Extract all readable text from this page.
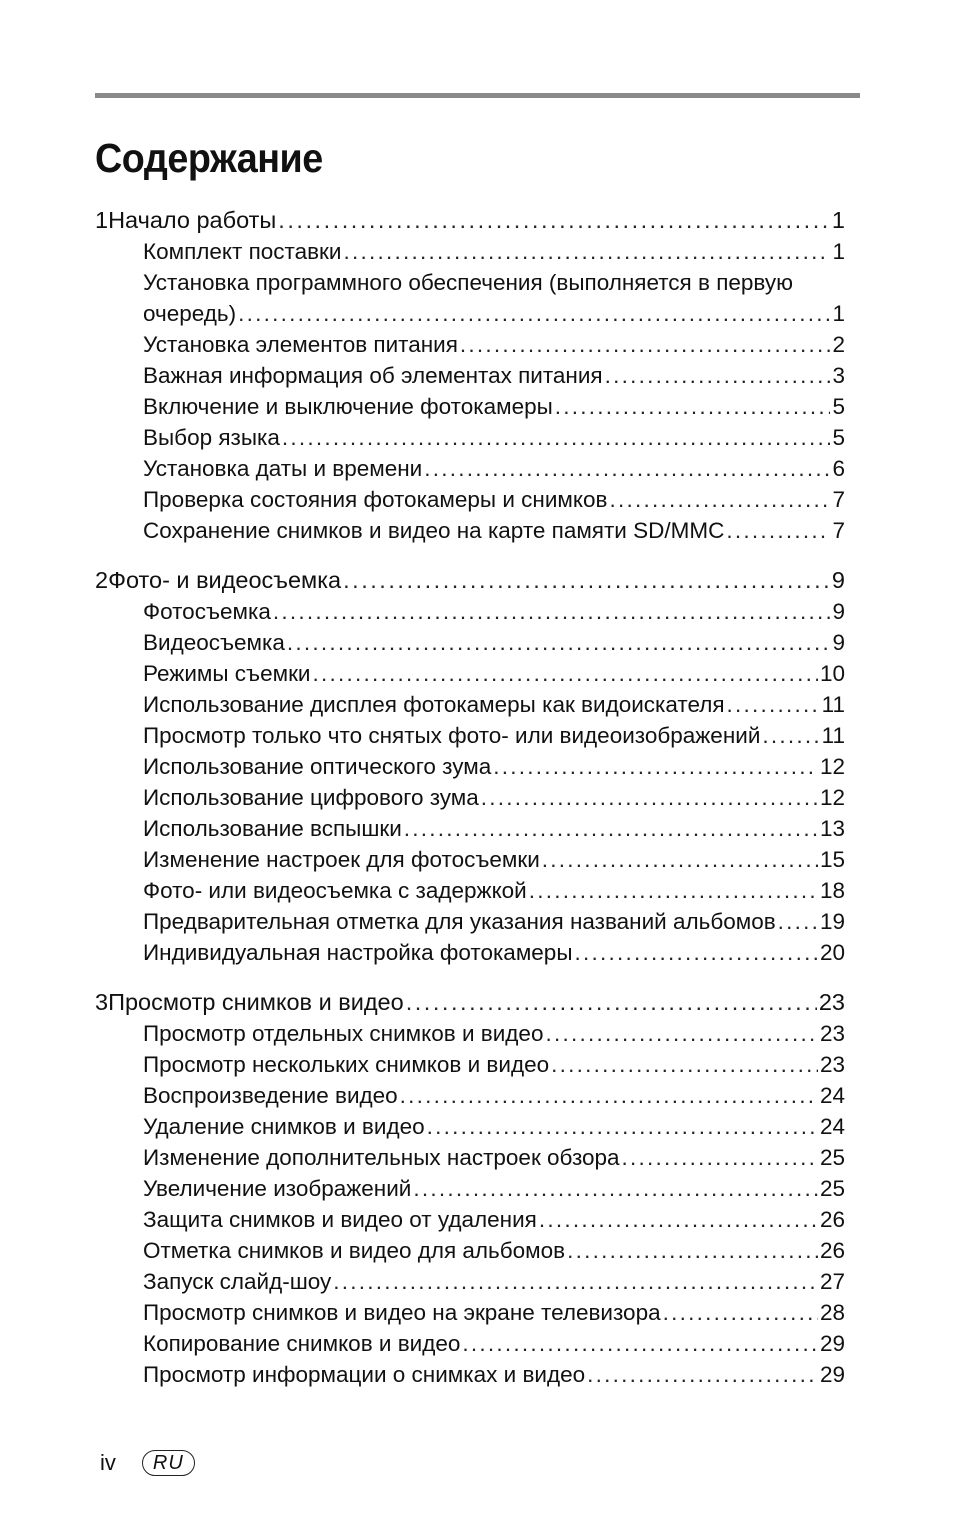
Содержание
1 Начало работы . . .	1
Комплект поставки . . .	1
Установка программного обеспечения (выполняется в первую
очередь) . . .	1
Установка элементов питания . . .	2
Важная информация об элементах питания . . .	3
Включение и выключение фотокамеры . . .	5
Выбор языка . . .	5
Установка даты и времени . . .	6
Проверка состояния фотокамеры и снимков . . .	7
Сохранение снимков и видео на карте памяти SD/MMC . . .	7
2 Фото- и видеосъемка . . .	9
Фотосъемка . . .	9
Видеосъемка . . .	9
Режимы съемки . . .	10
Использование дисплея фотокамеры как видоискателя . . .	11
Просмотр только что снятых фото- или видеоизображений . . .	11
Использование оптического зума . . .	12
Использование цифрового зума . . .	12
Использование вспышки . . .	13
Изменение настроек для фотосъемки . . .	15
Фото- или видеосъемка с задержкой . . .	18
Предварительная отметка для указания названий альбомов . . . 19
Индивидуальная настройка фотокамеры . . .	20
3 Просмотр снимков и видео . . .	23
Просмотр отдельных снимков и видео . . .	23
Просмотр нескольких снимков и видео . . .	23
Воспроизведение видео . . .	24
Удаление снимков и видео . . .	24
Изменение дополнительных настроек обзора . . .	25
Увеличение изображений . . .	25
Защита снимков и видео от удаления . . .	26
Отметка снимков и видео для альбомов . . .	26
Запуск слайд-шоу . . .	27
Просмотр снимков и видео на экране телевизора . . .	28
Копирование снимков и видео . . .	29
Просмотр информации о снимках и видео . . .	29
iv	RU
